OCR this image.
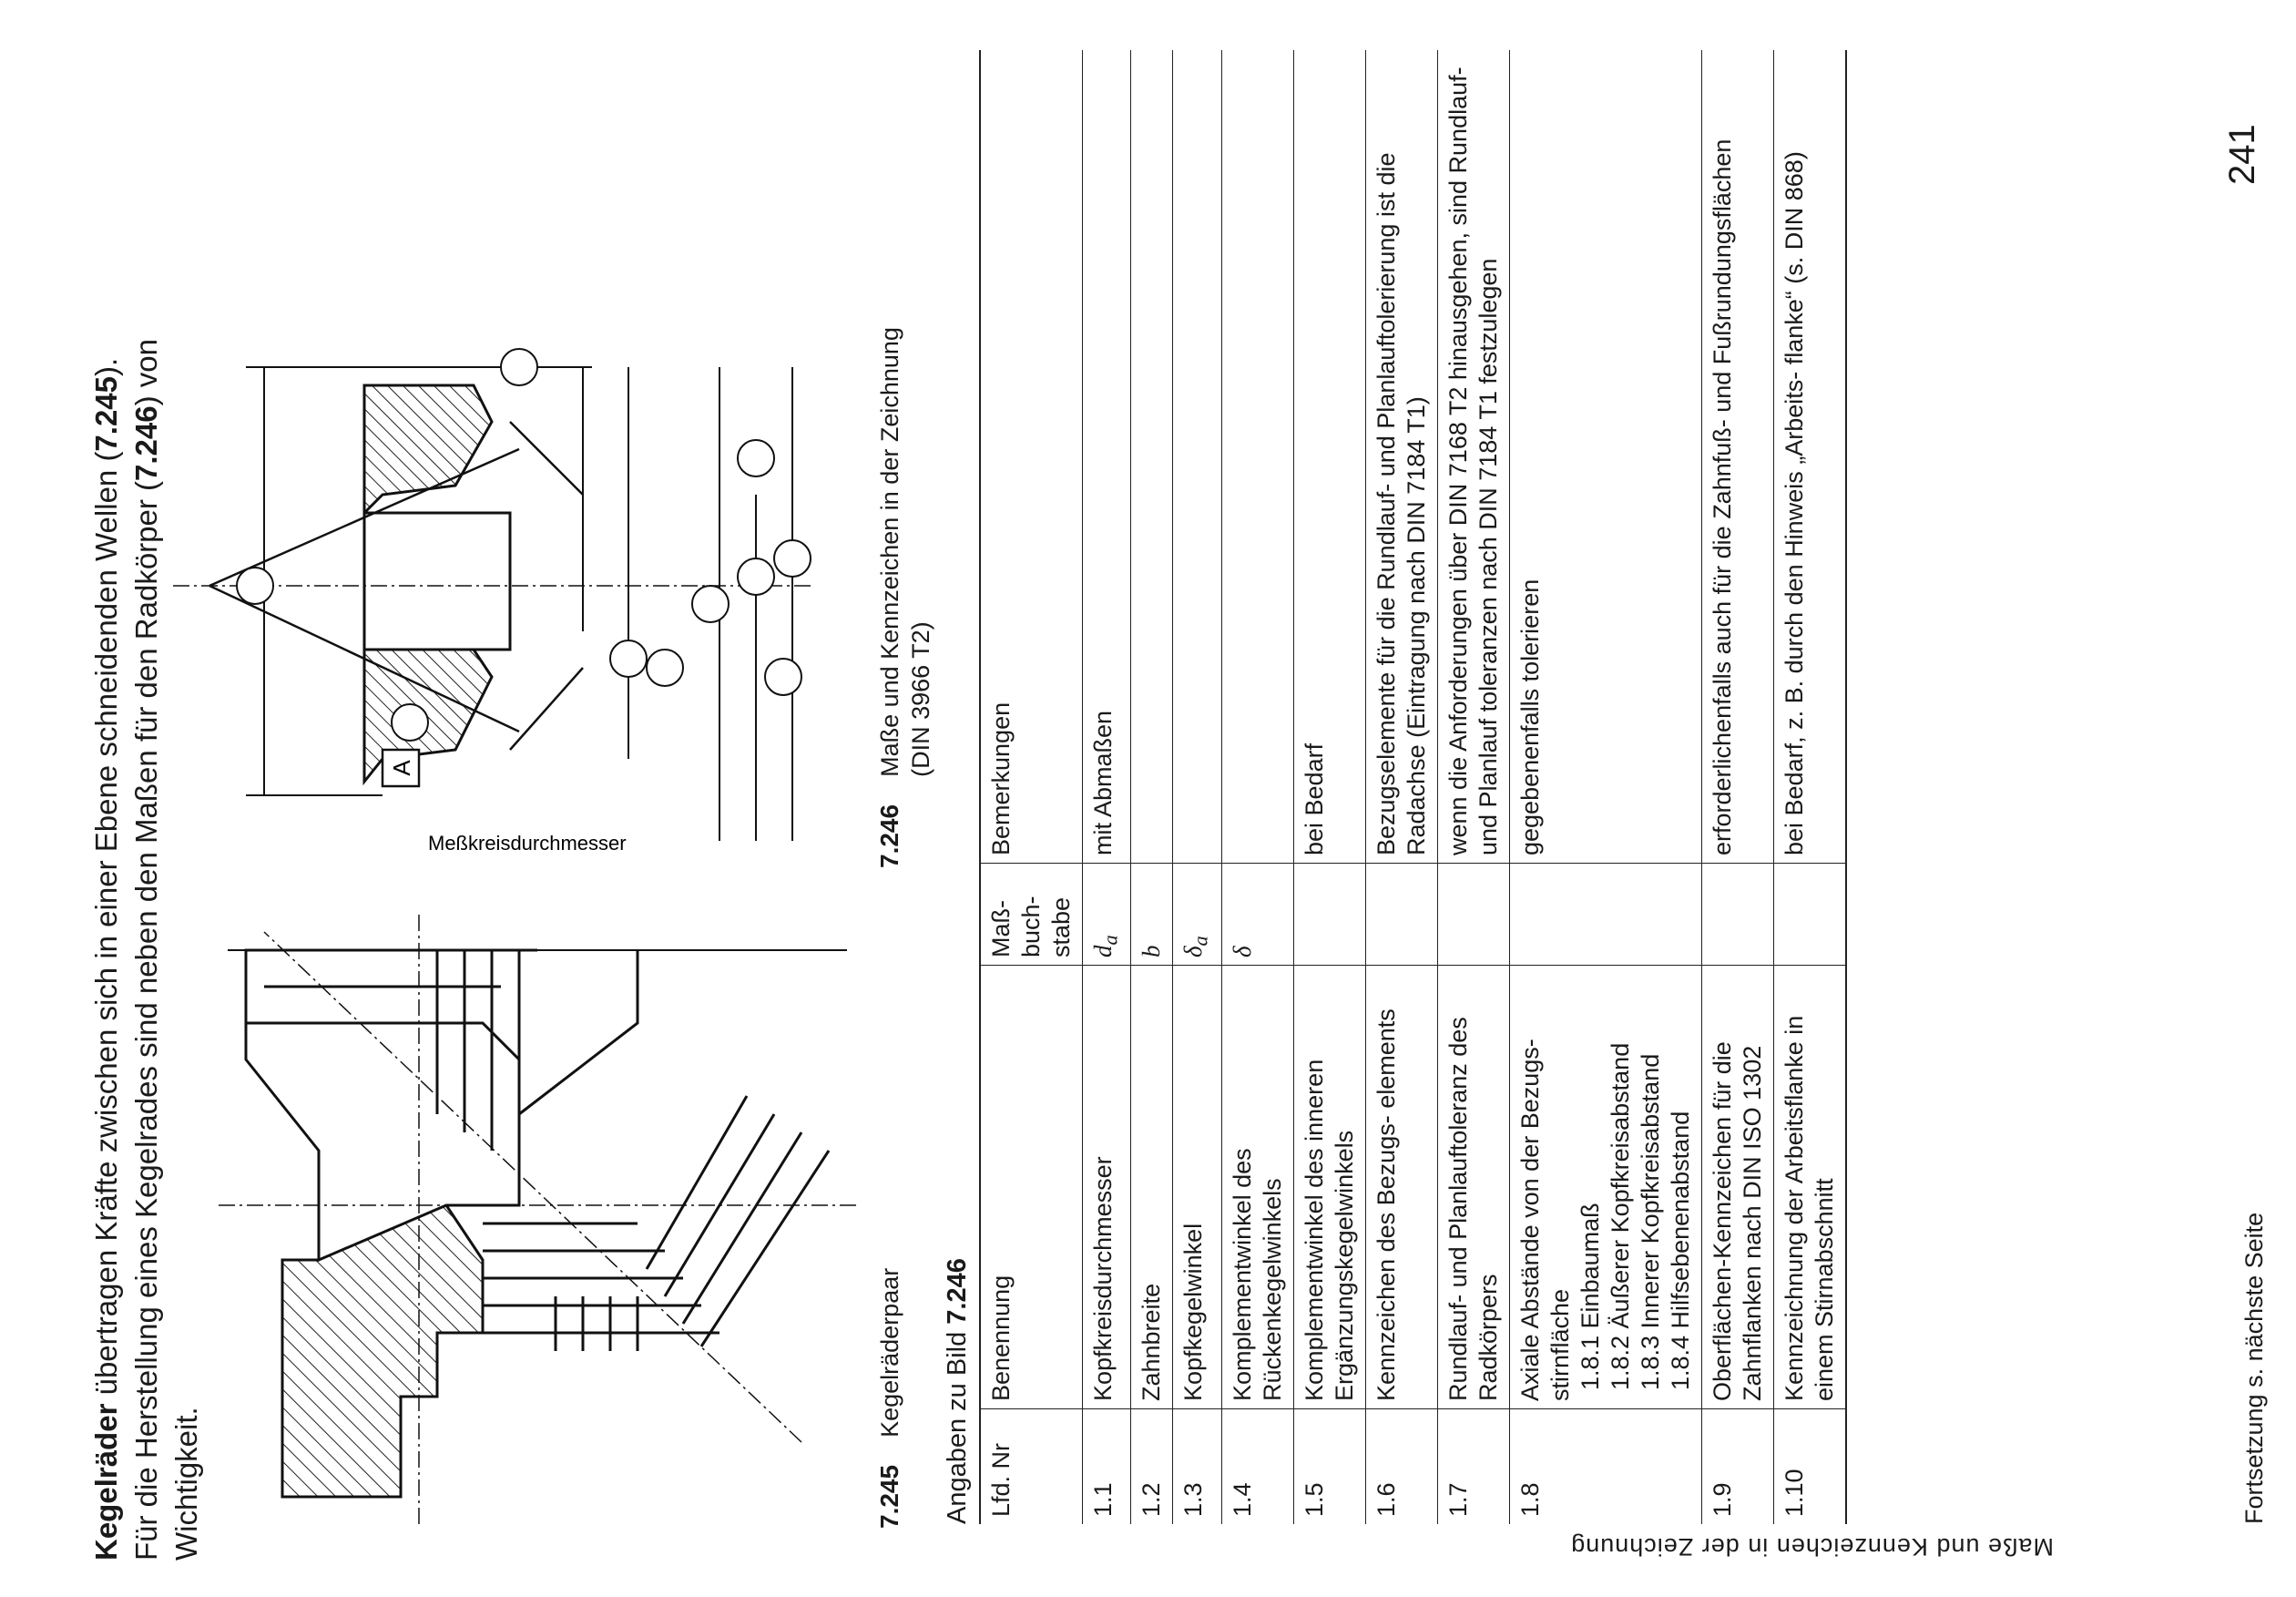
Kegelräder übertragen Kräfte zwischen sich in einer Ebene schneidenden Wellen (7.245).
Für die Herstellung eines Kegelrades sind neben den Maßen für den Radkörper (7.246) von
Wichtigkeit.
241
7.245    Kegelräderpaar
A
Meßkreisdurchmesser	7.246    Maße und Kennzeichen in der Zeichnung (DIN 3966 T2)
Angaben zu Bild 7.246
Maße und Kennzeichen in der Zeichnung
Lfd. Nr	Benennung	Maß- buch- stabe	Bemerkungen
1.1	Kopfkreisdurchmesser	$d_a$	mit Abmaßen
1.2	Zahnbreite	b	
1.3	Kopfkegelwinkel	$\delta_a$	
1.4	Komplementwinkel des Rückenkegelwinkels	δ	
1.5	Komplementwinkel des inneren Ergänzungskegelwinkels		bei Bedarf
1.6	Kennzeichen des Bezugs- elements		Bezugselemente für die Rundlauf- und Planlauftolerierung ist die Radachse (Eintragung nach DIN 7184 T1)
1.7	Rundlauf- und Planlauftoleranz des Radkörpers		wenn die Anforderungen über DIN 7168 T2 hinausgehen, sind Rundlauf- und Planlauf toleranzen nach DIN 7184 T1 festzulegen
1.8	Axiale Abstände von der Bezugs- stirnfläche 1.8.1 Einbaumaß 1.8.2 Äußerer Kopfkreisabstand 1.8.3 Innerer Kopfkreisabstand 1.8.4 Hilfsebenenabstand		gegebenenfalls tolerieren
1.9	Oberflächen-Kennzeichen für die Zahnflanken nach DIN ISO 1302		erforderlichenfalls auch für die Zahnfuß- und Fußrundungsflächen
1.10	Kennzeichnung der Arbeitsflanke in einem Stirnabschnitt		bei Bedarf, z. B. durch den Hinweis „Arbeits- flanke“ (s. DIN 868)

Fortsetzung s. nächste Seite
